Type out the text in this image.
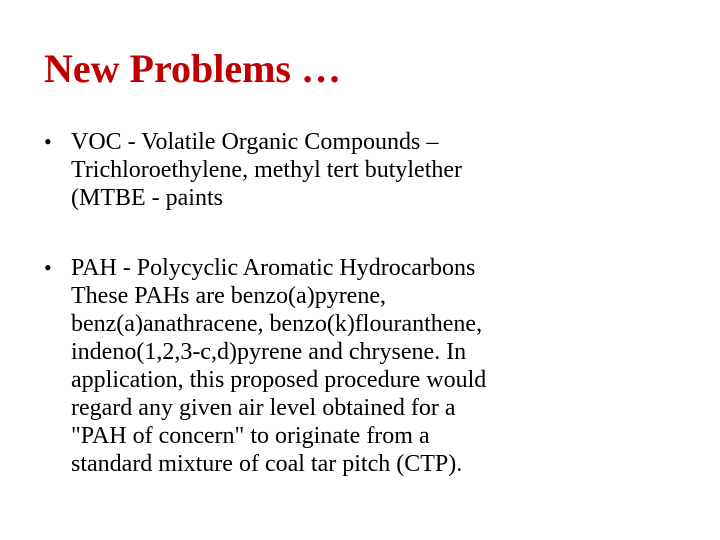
New Problems …
• VOC - Volatile Organic Compounds –
Trichloroethylene, methyl tert butylether
(MTBE - paints
• PAH - Polycyclic Aromatic Hydrocarbons
These PAHs are benzo(a)pyrene,
benz(a)anathracene, benzo(k)flouranthene,
indeno(1,2,3-c,d)pyrene and chrysene. In
application, this proposed procedure would
regard any given air level obtained for a
"PAH of concern" to originate from a
standard mixture of coal tar pitch (CTP).
